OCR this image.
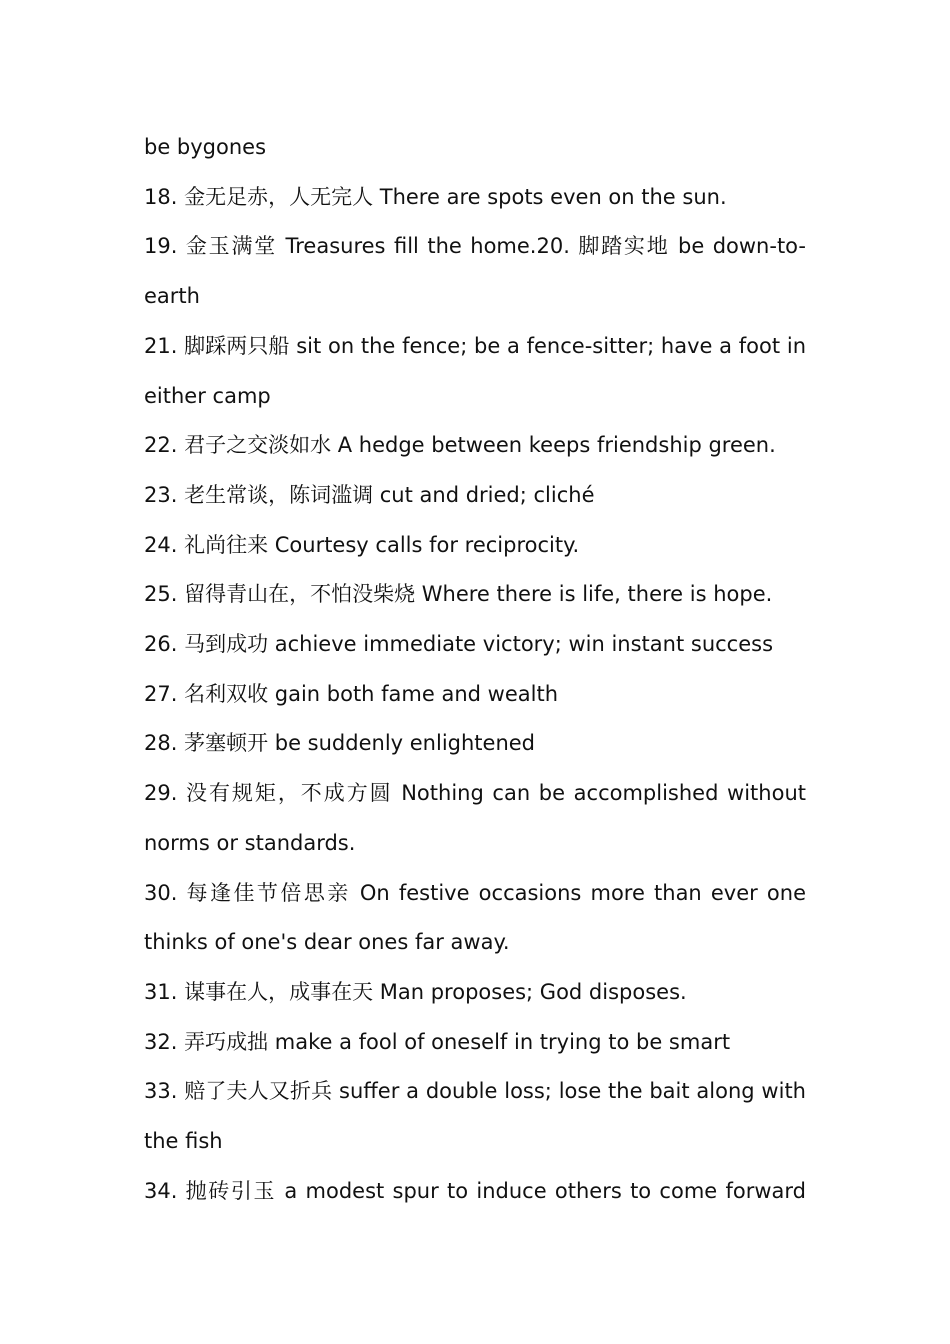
be bygones

18. 金无足赤，人无完人 There are spots even on the sun.

19. 金玉满堂 Treasures fill the home.20. 脚踏实地 be down-to-earth

21. 脚踩两只船 sit on the fence; be a fence-sitter; have a foot in either camp

22. 君子之交淡如水 A hedge between keeps friendship green.

23. 老生常谈，陈词滥调 cut and dried; cliché

24. 礼尚往来 Courtesy calls for reciprocity.

25. 留得青山在，不怕没柴烧 Where there is life, there is hope.

26. 马到成功 achieve immediate victory; win instant success

27. 名利双收 gain both fame and wealth

28. 茅塞顿开 be suddenly enlightened

29. 没有规矩，不成方圆 Nothing can be accomplished without norms or standards.

30. 每逢佳节倍思亲 On festive occasions more than ever one thinks of one's dear ones far away.

31. 谋事在人，成事在天 Man proposes; God disposes.

32. 弄巧成拙 make a fool of oneself in trying to be smart

33. 赔了夫人又折兵 suffer a double loss; lose the bait along with the fish

34. 抛砖引玉 a modest spur to induce others to come forward
